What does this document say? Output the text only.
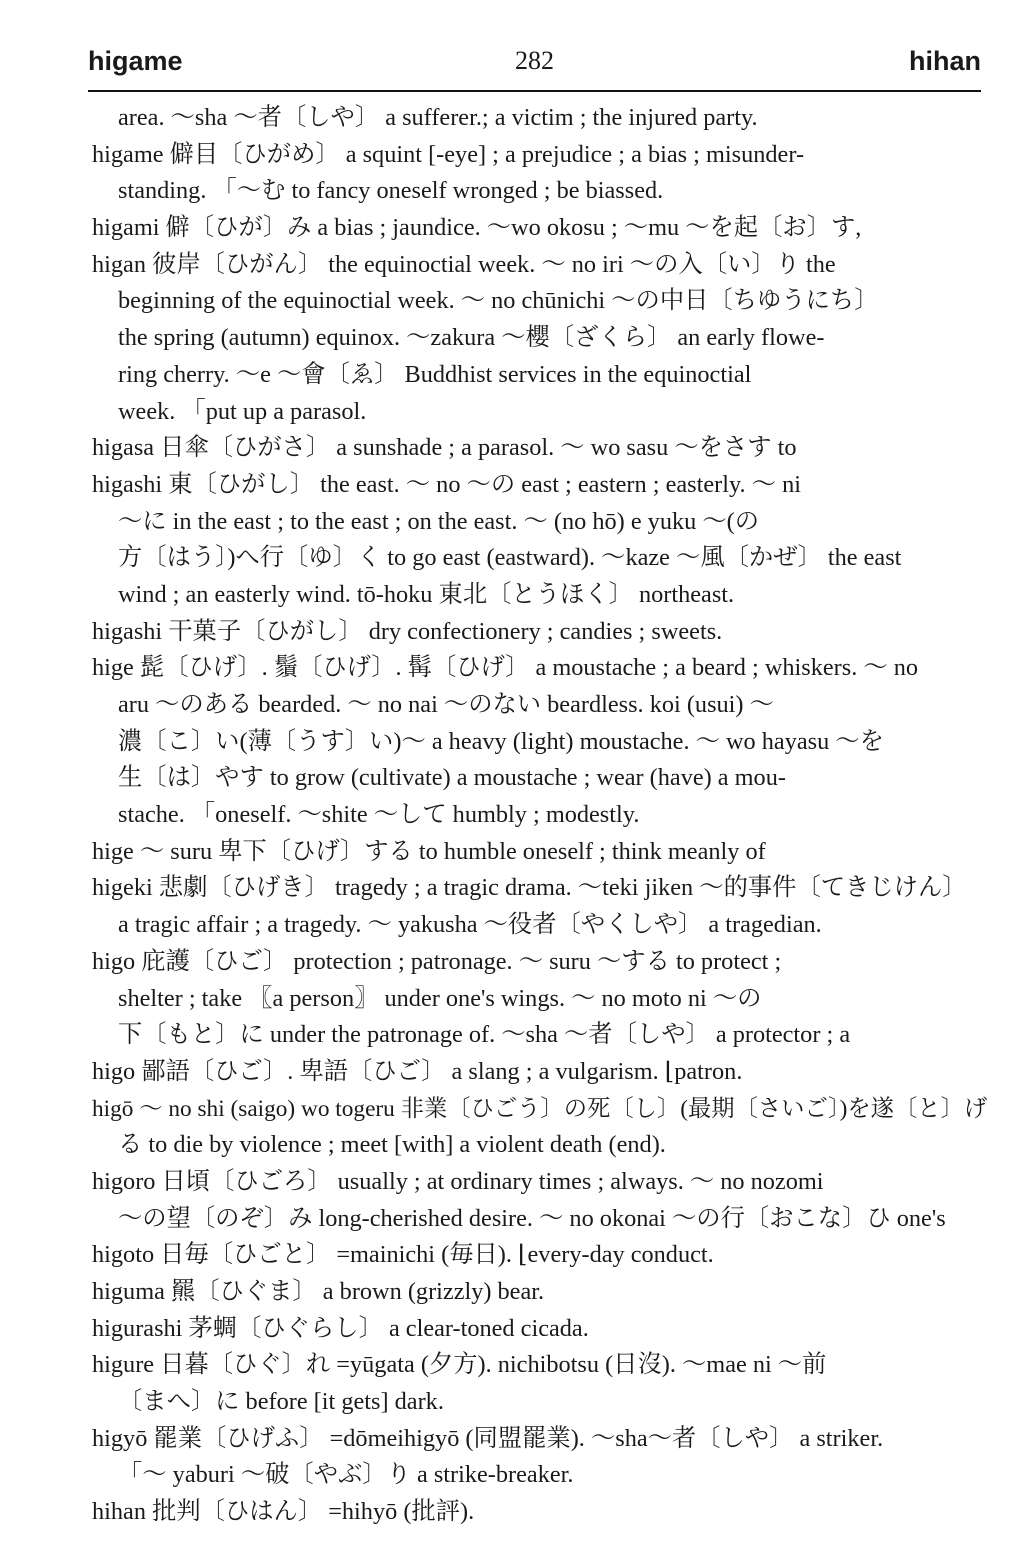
higame	282	hihan
area. ～sha ～者〔しや〕 a sufferer.; a victim ; the injured party.
higame 僻目〔ひがめ〕 a squint [-eye] ; a prejudice ; a bias ; misunder-
standing. 「～む to fancy oneself wronged ; be biassed.
higami 僻〔ひが〕み a bias ; jaundice. ～wo okosu ; ～mu ～を起〔お〕す,
higan 彼岸〔ひがん〕 the equinoctial week. ～ no iri ～の入〔い〕り the
beginning of the equinoctial week. ～ no chūnichi ～の中日〔ちゆうにち〕
the spring (autumn) equinox. ～zakura ～櫻〔ざくら〕 an early flowe-
ring cherry. ～e ～會〔ゑ〕 Buddhist services in the equinoctial
week. 「put up a parasol.
higasa 日傘〔ひがさ〕 a sunshade ; a parasol. ～ wo sasu ～をさす to
higashi 東〔ひがし〕 the east. ～ no ～の east ; eastern ; easterly. ～ ni
～に in the east ; to the east ; on the east. ～ (no hō) e yuku ～(の
方〔はう〕)へ行〔ゆ〕く to go east (eastward). ～kaze ～風〔かぜ〕 the east
wind ; an easterly wind. tō-hoku 東北〔とうほく〕 northeast.
higashi 干菓子〔ひがし〕 dry confectionery ; candies ; sweets.
hige 髭〔ひげ〕. 鬚〔ひげ〕. 髯〔ひげ〕 a moustache ; a beard ; whiskers. ～ no
aru ～のある bearded. ～ no nai ～のない beardless. koi (usui) ～
濃〔こ〕い(薄〔うす〕い)～ a heavy (light) moustache. ～ wo hayasu ～を
生〔は〕やす to grow (cultivate) a moustache ; wear (have) a mou-
stache. 「oneself. ～shite ～して humbly ; modestly.
hige ～ suru 卑下〔ひげ〕する to humble oneself ; think meanly of
higeki 悲劇〔ひげき〕 tragedy ; a tragic drama. ～teki jiken ～的事件〔てきじけん〕
a tragic affair ; a tragedy. ～ yakusha ～役者〔やくしや〕 a tragedian.
higo 庇護〔ひご〕 protection ; patronage. ～ suru ～する to protect ;
shelter ; take 〖a person〗 under one's wings. ～ no moto ni ～の
下〔もと〕に under the patronage of. ～sha ～者〔しや〕 a protector ; a
higo 鄙語〔ひご〕. 卑語〔ひご〕 a slang ; a vulgarism. ⌊patron.
higō ～ no shi (saigo) wo togeru 非業〔ひごう〕の死〔し〕(最期〔さいご〕)を遂〔と〕げ
る to die by violence ; meet [with] a violent death (end).
higoro 日頃〔ひごろ〕 usually ; at ordinary times ; always. ～ no nozomi
～の望〔のぞ〕み long-cherished desire. ～ no okonai ～の行〔おこな〕ひ one's
higoto 日毎〔ひごと〕 =mainichi (毎日). ⌊every-day conduct.
higuma 羆〔ひぐま〕 a brown (grizzly) bear.
higurashi 茅蜩〔ひぐらし〕 a clear-toned cicada.
higure 日暮〔ひぐ〕れ =yūgata (夕方). nichibotsu (日沒). ～mae ni ～前
〔まへ〕に before [it gets] dark.
higyō 罷業〔ひげふ〕 =dōmeihigyō (同盟罷業). ～sha～者〔しや〕 a striker.
「～ yaburi ～破〔やぶ〕り a strike-breaker.
hihan 批判〔ひはん〕 =hihyō (批評).
